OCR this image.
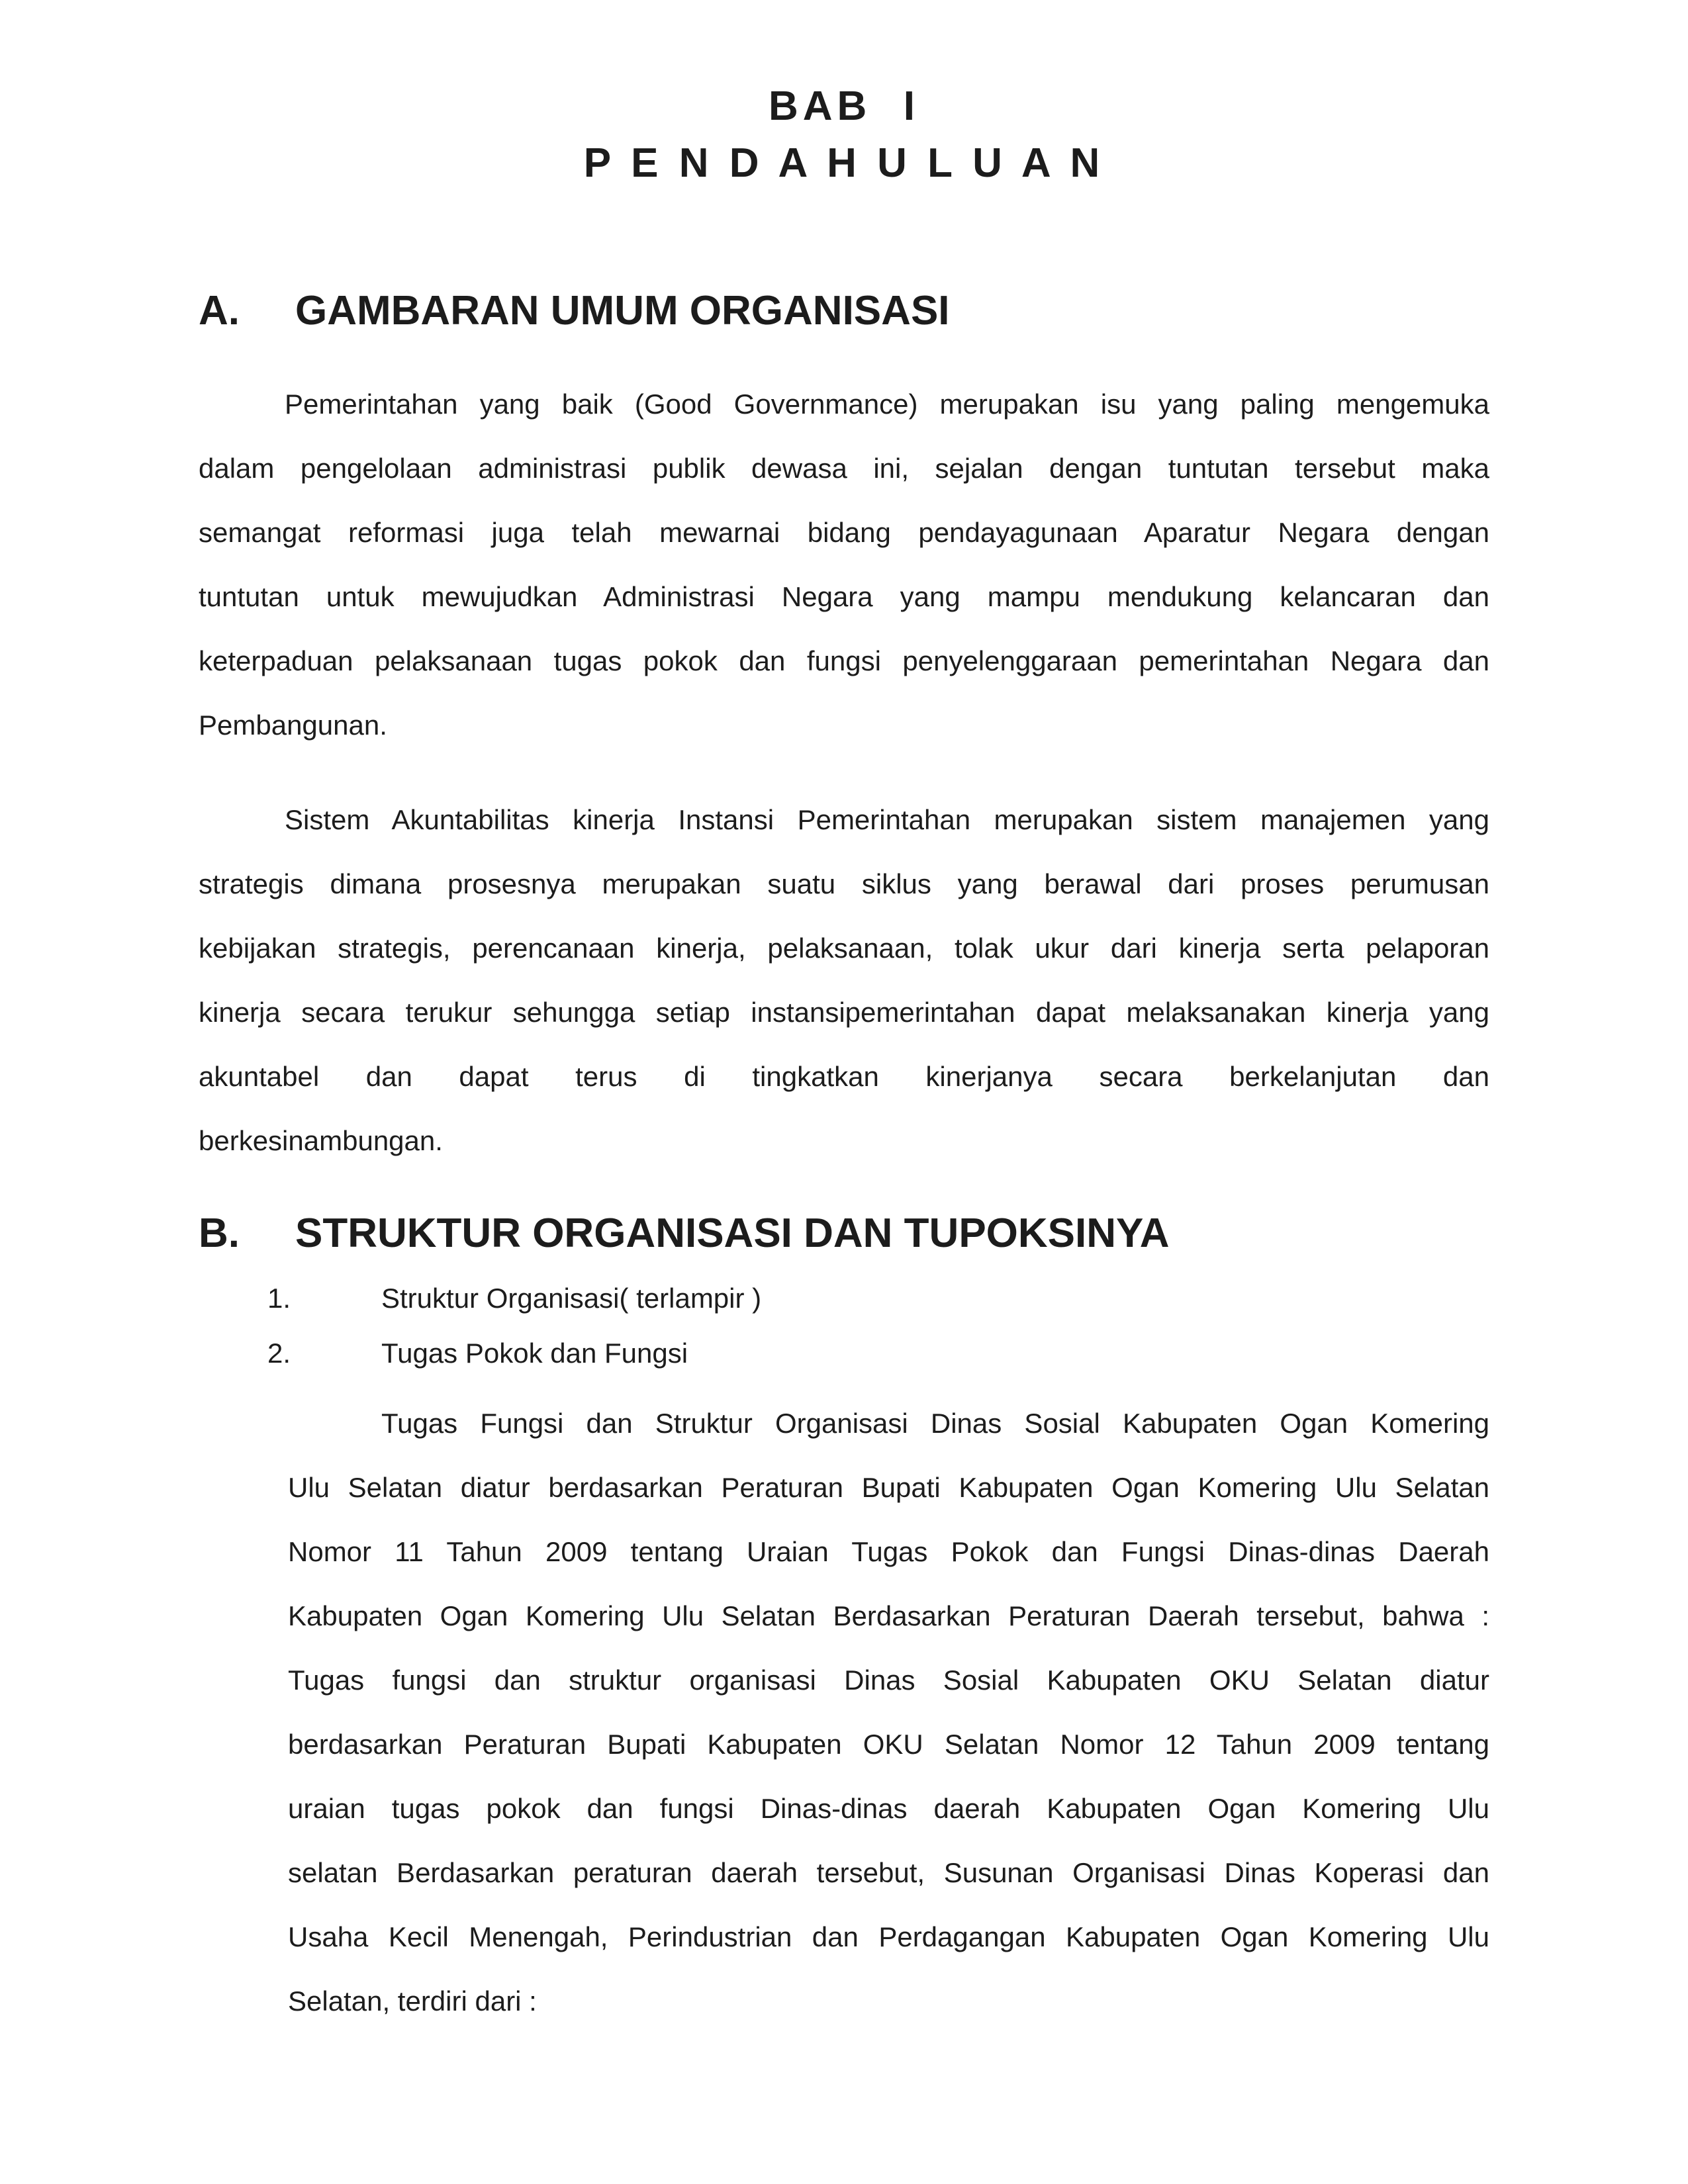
BAB  I
P E N D A H U L U A N
A. GAMBARAN UMUM ORGANISASI
Pemerintahan yang baik (Good Governmance) merupakan isu yang paling mengemuka
dalam pengelolaan administrasi publik dewasa ini, sejalan dengan tuntutan tersebut maka
semangat reformasi juga telah mewarnai bidang pendayagunaan Aparatur Negara dengan
tuntutan untuk mewujudkan Administrasi Negara yang mampu mendukung kelancaran dan
keterpaduan pelaksanaan tugas pokok dan fungsi penyelenggaraan pemerintahan Negara dan
Pembangunan.
Sistem Akuntabilitas kinerja Instansi Pemerintahan merupakan sistem manajemen yang
strategis dimana prosesnya merupakan suatu siklus yang berawal dari proses perumusan
kebijakan strategis, perencanaan kinerja, pelaksanaan, tolak ukur dari kinerja serta pelaporan
kinerja secara terukur sehungga setiap instansipemerintahan dapat melaksanakan kinerja yang
akuntabel dan dapat terus di tingkatkan kinerjanya secara berkelanjutan dan
berkesinambungan.
B. STRUKTUR ORGANISASI DAN TUPOKSINYA
1.	Struktur Organisasi( terlampir )
2.	Tugas Pokok dan Fungsi
Tugas Fungsi dan Struktur Organisasi Dinas Sosial Kabupaten Ogan Komering
Ulu Selatan diatur berdasarkan Peraturan Bupati Kabupaten Ogan Komering Ulu Selatan
Nomor 11 Tahun 2009 tentang Uraian Tugas Pokok dan Fungsi Dinas-dinas Daerah
Kabupaten Ogan Komering Ulu Selatan Berdasarkan Peraturan Daerah tersebut, bahwa :
Tugas fungsi dan struktur organisasi Dinas Sosial Kabupaten OKU Selatan diatur
berdasarkan Peraturan Bupati Kabupaten OKU Selatan Nomor 12 Tahun 2009 tentang
uraian tugas pokok dan fungsi Dinas-dinas daerah Kabupaten Ogan Komering Ulu
selatan Berdasarkan peraturan daerah tersebut, Susunan Organisasi Dinas Koperasi dan
Usaha Kecil Menengah, Perindustrian dan Perdagangan Kabupaten Ogan Komering Ulu
Selatan, terdiri dari :
